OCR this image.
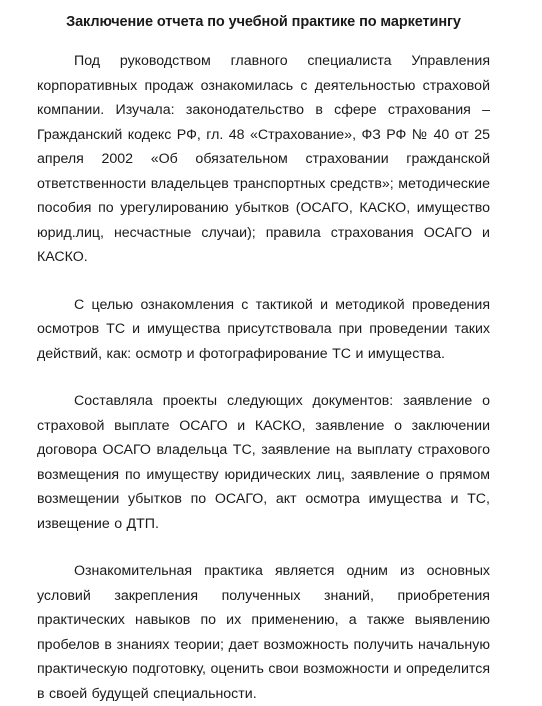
Заключение отчета по учебной практике по маркетингу

Под руководством главного специалиста Управления корпоративных продаж ознакомилась с деятельностью страховой компании. Изучала: законодательство в сфере страхования – Гражданский кодекс РФ, гл. 48 «Страхование», ФЗ РФ № 40 от 25 апреля 2002 «Об обязательном страховании гражданской ответственности владельцев транспортных средств»; методические пособия по урегулированию убытков (ОСАГО, КАСКО, имущество юрид.лиц, несчастные случаи); правила страхования ОСАГО и КАСКО.

С целью ознакомления с тактикой и методикой проведения осмотров ТС и имущества присутствовала при проведении таких действий, как: осмотр и фотографирование ТС и имущества.

Составляла проекты следующих документов: заявление о страховой выплате ОСАГО и КАСКО, заявление о заключении договора ОСАГО владельца ТС, заявление на выплату страхового возмещения по имуществу юридических лиц, заявление о прямом возмещении убытков по ОСАГО, акт осмотра имущества и ТС, извещение о ДТП.

Ознакомительная практика является одним из основных условий закрепления полученных знаний, приобретения практических навыков по их применению, а также выявлению пробелов в знаниях теории; дает возможность получить начальную практическую подготовку, оценить свои возможности и определится в своей будущей специальности.
